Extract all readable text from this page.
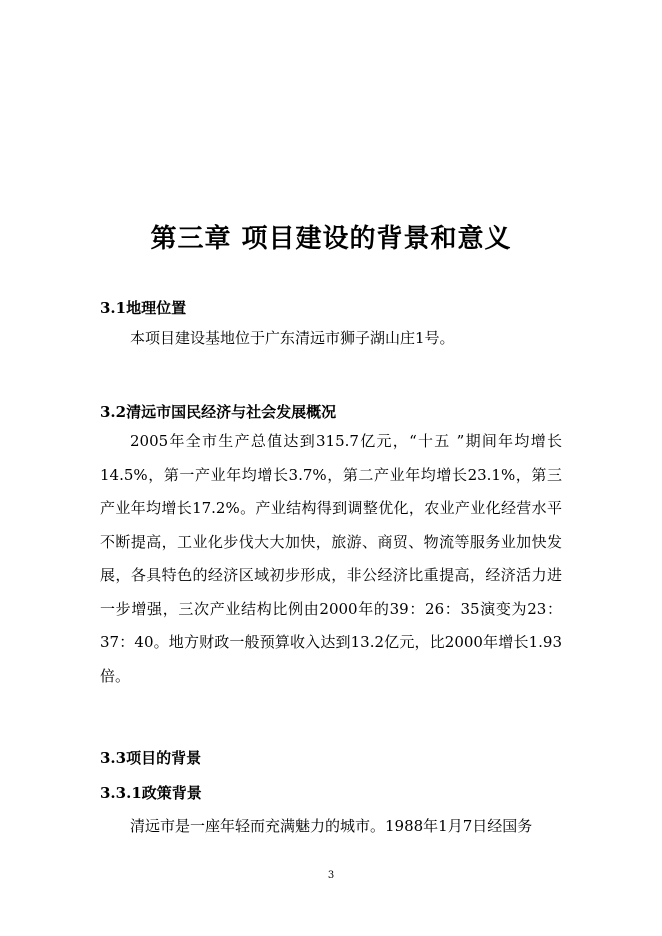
第三章 项目建设的背景和意义
3.1地理位置

本项目建设基地位于广东清远市狮子湖山庄1号。

3.2清远市国民经济与社会发展概况

2005年全市生产总值达到315.7亿元，“十五 ”期间年均增长14.5%，第一产业年均增长3.7%，第二产业年均增长23.1%，第三产业年均增长17.2%。产业结构得到调整优化，农业产业化经营水平不断提高，工业化步伐大大加快，旅游、商贸、物流等服务业加快发展，各具特色的经济区域初步形成，非公经济比重提高，经济活力进一步增强，三次产业结构比例由2000年的39：26：35演变为23：37：40。地方财政一般预算收入达到13.2亿元，比2000年增长1.93倍。

3.3项目的背景
3.3.1政策背景

清远市是一座年轻而充满魅力的城市。1988年1月7日经国务

3
